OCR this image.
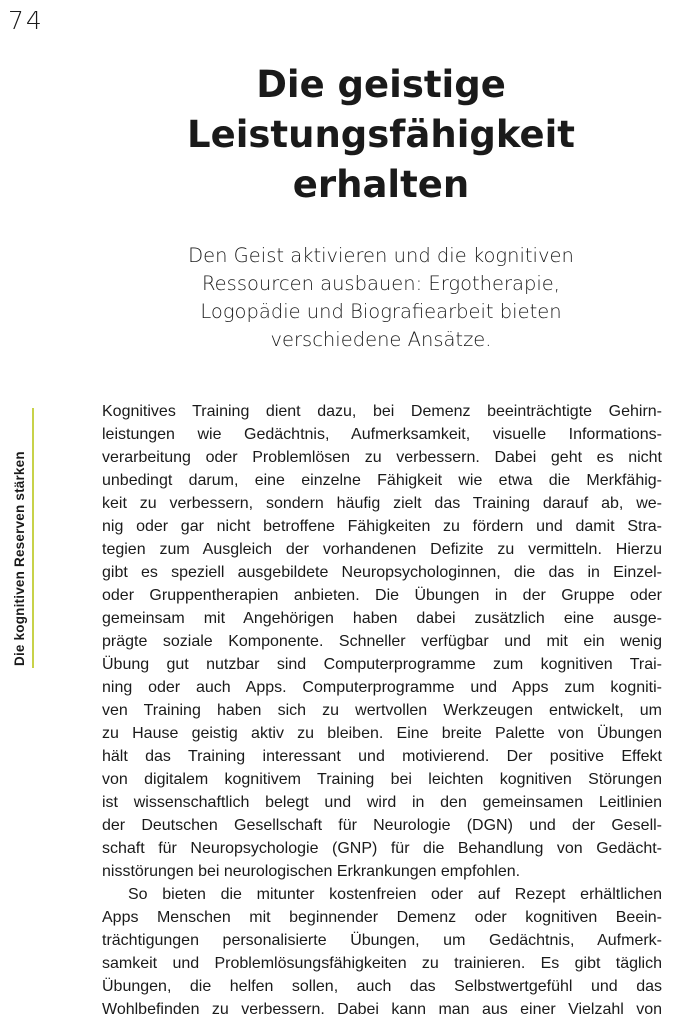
74
Die geistige
Leistungsfähigkeit
erhalten

Den Geist aktivieren und die kognitiven
Ressourcen ausbauen: Ergotherapie,
Logopädie und Biografiearbeit bieten
verschiedene Ansätze.

Die kognitiven Reserven stärken
Kognitives Training dient dazu, bei Demenz beeinträchtigte Gehirn-
leistungen wie Gedächtnis, Aufmerksamkeit, visuelle Informations-
verarbeitung oder Problemlösen zu verbessern. Dabei geht es nicht
unbedingt darum, eine einzelne Fähigkeit wie etwa die Merkfähig-
keit zu verbessern, sondern häufig zielt das Training darauf ab, we-
nig oder gar nicht betroffene Fähigkeiten zu fördern und damit Stra-
tegien zum Ausgleich der vorhandenen Defizite zu vermitteln. Hierzu
gibt es speziell ausgebildete Neuropsychologinnen, die das in Einzel-
oder Gruppentherapien anbieten. Die Übungen in der Gruppe oder
gemeinsam mit Angehörigen haben dabei zusätzlich eine ausge-
prägte soziale Komponente. Schneller verfügbar und mit ein wenig
Übung gut nutzbar sind Computerprogramme zum kognitiven Trai-
ning oder auch Apps. Computerprogramme und Apps zum kogniti-
ven Training haben sich zu wertvollen Werkzeugen entwickelt, um
zu Hause geistig aktiv zu bleiben. Eine breite Palette von Übungen
hält das Training interessant und motivierend. Der positive Effekt
von digitalem kognitivem Training bei leichten kognitiven Störungen
ist wissenschaftlich belegt und wird in den gemeinsamen Leitlinien
der Deutschen Gesellschaft für Neurologie (DGN) und der Gesell-
schaft für Neuropsychologie (GNP) für die Behandlung von Gedächt-
nisstörungen bei neurologischen Erkrankungen empfohlen.
So bieten die mitunter kostenfreien oder auf Rezept erhältlichen
Apps Menschen mit beginnender Demenz oder kognitiven Beein-
trächtigungen personalisierte Übungen, um Gedächtnis, Aufmerk-
samkeit und Problemlösungsfähigkeiten zu trainieren. Es gibt täglich
Übungen, die helfen sollen, auch das Selbstwertgefühl und das
Wohlbefinden zu verbessern. Dabei kann man aus einer Vielzahl von
